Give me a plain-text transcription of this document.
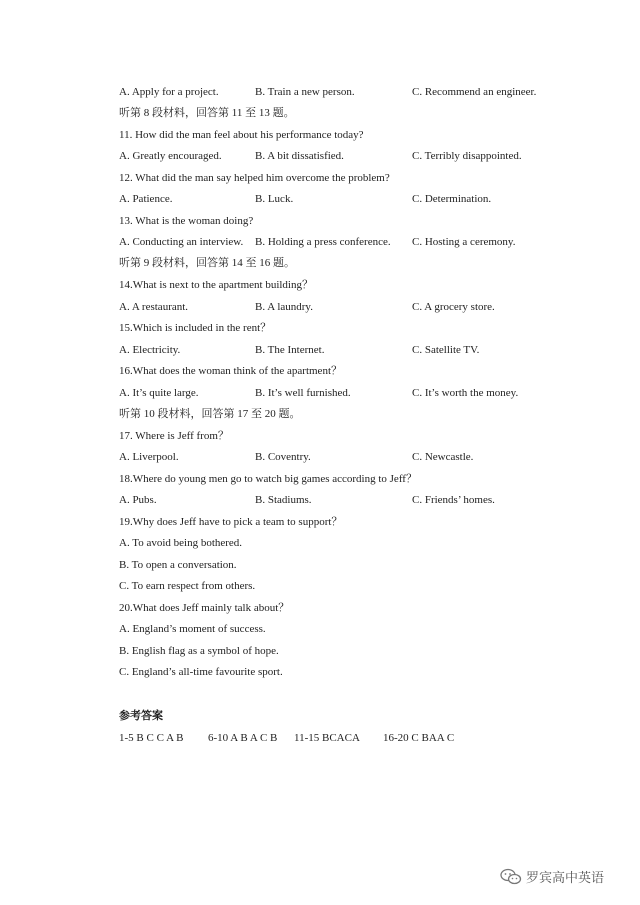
A. Apply for a project.	B. Train a new person.	C. Recommend an engineer.
听第 8 段材料，回答第 11 至 13 题。
11. How did the man feel about his performance today?
A. Greatly encouraged.	B. A bit dissatisfied.	C. Terribly disappointed.
12. What did the man say helped him overcome the problem?
A. Patience.	B. Luck.	C. Determination.
13. What is the woman doing?
A. Conducting an interview. B. Holding a press conference. C. Hosting a ceremony.
听第 9 段材料，回答第 14 至 16 题。
14.What is next to the apartment building？
A. A restaurant.	B. A laundry.	C. A grocery store.
15.Which is included in the rent？
A. Electricity.	B. The Internet.	C. Satellite TV.
16.What does the woman think of the apartment？
A. It’s quite large.	B. It’s well furnished.	C. It’s worth the money.
听第 10 段材料，回答第 17 至 20 题。
17. Where is Jeff from？
A. Liverpool.	B. Coventry.	C. Newcastle.
18.Where do young men go to watch big games according to Jeff？
A. Pubs.	B. Stadiums.	C. Friends’ homes.
19.Why does Jeff have to pick a team to support？
A. To avoid being bothered.
B. To open a conversation.
C. To earn respect from others.
20.What does Jeff mainly talk about？
A. England’s moment of success.
B. English flag as a symbol of hope.
C. England’s all-time favourite sport.
参考答案
1-5 B C C A B 6-10 A B A C B 11-15 BCACA 16-20 C BAA C
罗宾高中英语
